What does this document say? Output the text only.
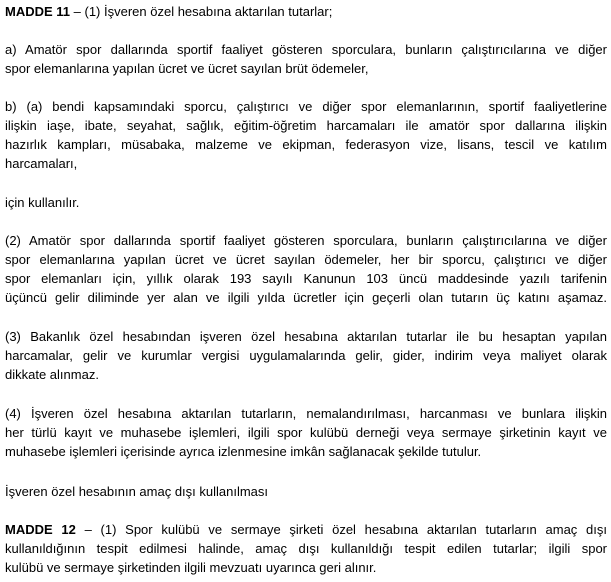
MADDE 11 – (1) İşveren özel hesabına aktarılan tutarlar;
a) Amatör spor dallarında sportif faaliyet gösteren sporculara, bunların çalıştırıcılarına ve diğer
spor elemanlarına yapılan ücret ve ücret sayılan brüt ödemeler,
b) (a) bendi kapsamındaki sporcu, çalıştırıcı ve diğer spor elemanlarının, sportif faaliyetlerine
ilişkin iaşe, ibate, seyahat, sağlık, eğitim-öğretim harcamaları ile amatör spor dallarına ilişkin
hazırlık kampları, müsabaka, malzeme ve ekipman, federasyon vize, lisans, tescil ve katılım
harcamaları,
için kullanılır.
(2) Amatör spor dallarında sportif faaliyet gösteren sporculara, bunların çalıştırıcılarına ve diğer
spor elemanlarına yapılan ücret ve ücret sayılan ödemeler, her bir sporcu, çalıştırıcı ve diğer
spor elemanları için, yıllık olarak 193 sayılı Kanunun 103 üncü maddesinde yazılı tarifenin
üçüncü gelir diliminde yer alan ve ilgili yılda ücretler için geçerli olan tutarın üç katını aşamaz.
(3) Bakanlık özel hesabından işveren özel hesabına aktarılan tutarlar ile bu hesaptan yapılan
harcamalar, gelir ve kurumlar vergisi uygulamalarında gelir, gider, indirim veya maliyet olarak
dikkate alınmaz.
(4) İşveren özel hesabına aktarılan tutarların, nemalandırılması, harcanması ve bunlara ilişkin
her türlü kayıt ve muhasebe işlemleri, ilgili spor kulübü derneği veya sermaye şirketinin kayıt ve
muhasebe işlemleri içerisinde ayrıca izlenmesine imkân sağlanacak şekilde tutulur.
İşveren özel hesabının amaç dışı kullanılması
MADDE 12 – (1) Spor kulübü ve sermaye şirketi özel hesabına aktarılan tutarların amaç dışı
kullanıldığının tespit edilmesi halinde, amaç dışı kullanıldığı tespit edilen tutarlar; ilgili spor
kulübü ve sermaye şirketinden ilgili mevzuatı uyarınca geri alınır.
